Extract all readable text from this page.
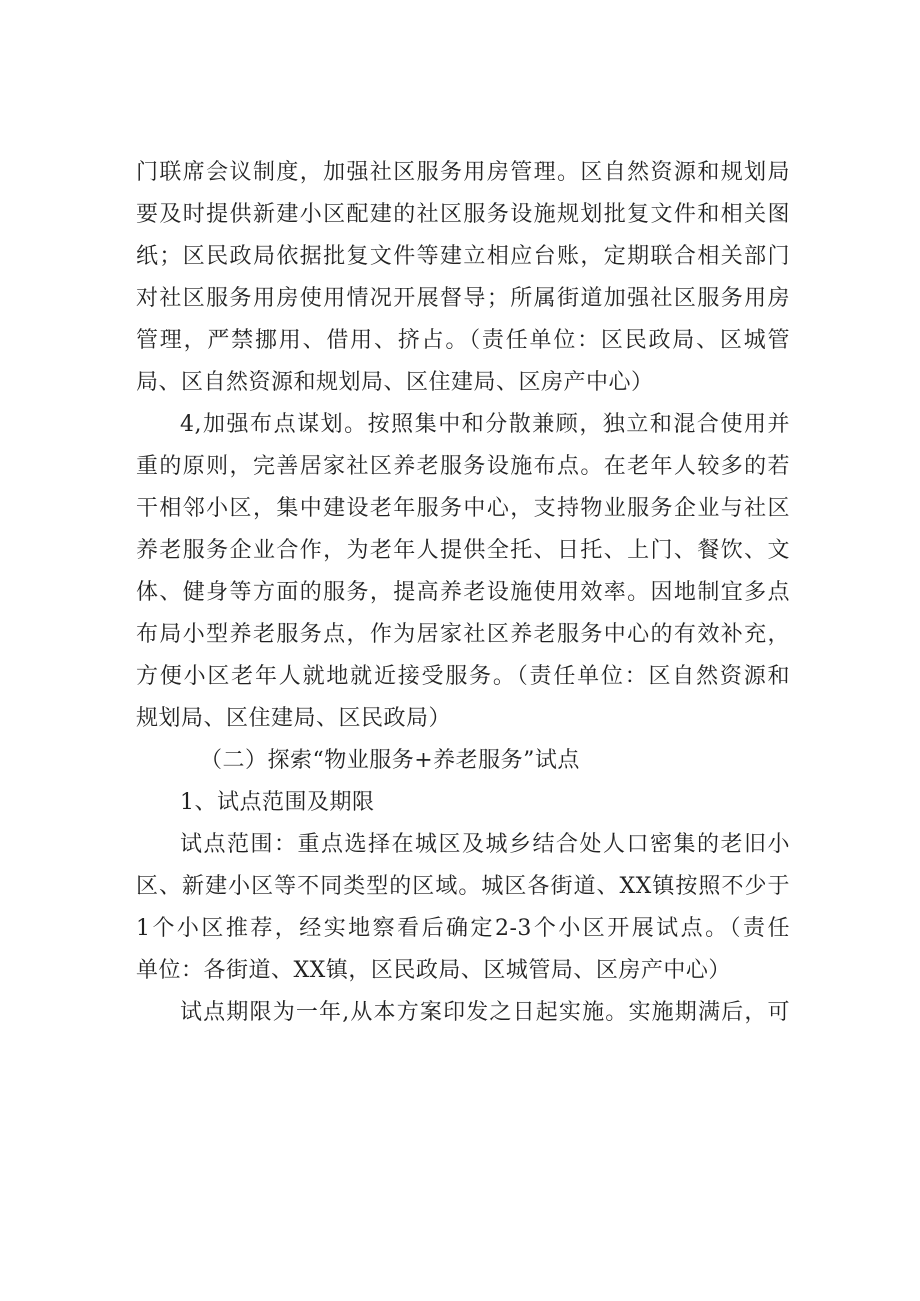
门联席会议制度，加强社区服务用房管理。区自然资源和规划局
要及时提供新建小区配建的社区服务设施规划批复文件和相关图
纸；区民政局依据批复文件等建立相应台账，定期联合相关部门
对社区服务用房使用情况开展督导；所属街道加强社区服务用房
管理，严禁挪用、借用、挤占。（责任单位：区民政局、区城管
局、区自然资源和规划局、区住建局、区房产中心）
4,加强布点谋划。按照集中和分散兼顾，独立和混合使用并
重的原则，完善居家社区养老服务设施布点。在老年人较多的若
干相邻小区，集中建设老年服务中心，支持物业服务企业与社区
养老服务企业合作，为老年人提供全托、日托、上门、餐饮、文
体、健身等方面的服务，提高养老设施使用效率。因地制宜多点
布局小型养老服务点，作为居家社区养老服务中心的有效补充，
方便小区老年人就地就近接受服务。（责任单位：区自然资源和
规划局、区住建局、区民政局）
（二）探索“物业服务+养老服务”试点
1、试点范围及期限
试点范围：重点选择在城区及城乡结合处人口密集的老旧小
区、新建小区等不同类型的区域。城区各街道、XX镇按照不少于
1个小区推荐，经实地察看后确定2-3个小区开展试点。（责任
单位：各街道、XX镇，区民政局、区城管局、区房产中心）
试点期限为一年,从本方案印发之日起实施。实施期满后，可
